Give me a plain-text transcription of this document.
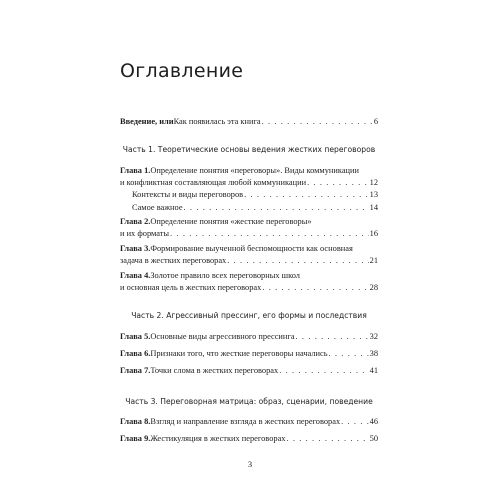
Оглавление
Введение, или Как появилась эта книга . . .	6
Часть 1. Теоретические основы ведения жестких переговоров
Глава 1. Определение понятия «переговоры». Виды коммуникации
и конфликтная составляющая любой коммуникации . . .	12
Контексты и виды переговоров . . .	13
Самое важное . . .	14
Глава 2. Определение понятия «жесткие переговоры»
и их форматы . . .	16
Глава 3. Формирование выученной беспомощности как основная
задача в жестких переговорах . . .	21
Глава 4. Золотое правило всех переговорных школ
и основная цель в жестких переговорах . . .	28
Часть 2. Агрессивный прессинг, его формы и последствия
Глава 5. Основные виды агрессивного прессинга . . .	32
Глава 6. Признаки того, что жесткие переговоры начались . . .	38
Глава 7. Точки слома в жестких переговорах . . .	41
Часть 3. Переговорная матрица: образ, сценарии, поведение
Глава 8. Взгляд и направление взгляда в жестких переговорах . . .	46
Глава 9. Жестикуляция в жестких переговорах . . .	50
3
